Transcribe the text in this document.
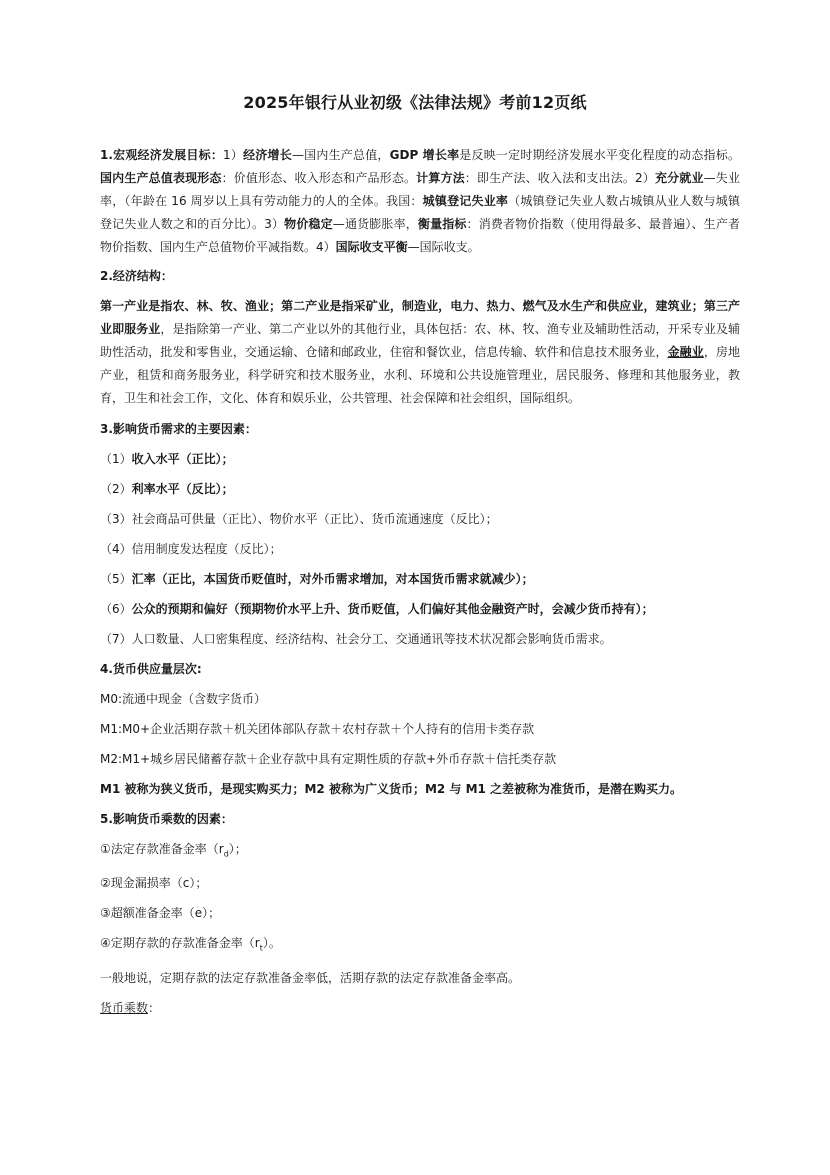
2025年银行从业初级《法律法规》考前12页纸

1.宏观经济发展目标：1）经济增长—国内生产总值，GDP 增长率是反映一定时期经济发展水平变化程度的动态指标。国内生产总值表现形态：价值形态、收入形态和产品形态。计算方法：即生产法、收入法和支出法。2）充分就业—失业率，（年龄在 16 周岁以上具有劳动能力的人的全体。我国：城镇登记失业率（城镇登记失业人数占城镇从业人数与城镇登记失业人数之和的百分比）。3）物价稳定—通货膨胀率，衡量指标：消费者物价指数（使用得最多、最普遍）、生产者物价指数、国内生产总值物价平减指数。4）国际收支平衡—国际收支。

2.经济结构：

第一产业是指农、林、牧、渔业；第二产业是指采矿业，制造业，电力、热力、燃气及水生产和供应业，建筑业；第三产业即服务业，是指除第一产业、第二产业以外的其他行业，具体包括：农、林、牧、渔专业及辅助性活动，开采专业及辅助性活动，批发和零售业，交通运输、仓储和邮政业，住宿和餐饮业，信息传输、软件和信息技术服务业，金融业，房地产业，租赁和商务服务业，科学研究和技术服务业，水利、环境和公共设施管理业，居民服务、修理和其他服务业，教育，卫生和社会工作，文化、体育和娱乐业，公共管理、社会保障和社会组织，国际组织。

3.影响货币需求的主要因素：
（1）收入水平（正比）；
（2）利率水平（反比）；
（3）社会商品可供量（正比）、物价水平（正比）、货币流通速度（反比）；
（4）信用制度发达程度（反比）；
（5）汇率（正比，本国货币贬值时，对外币需求增加，对本国货币需求就减少）；
（6）公众的预期和偏好（预期物价水平上升、货币贬值，人们偏好其他金融资产时，会减少货币持有）；
（7）人口数量、人口密集程度、经济结构、社会分工、交通通讯等技术状况都会影响货币需求。
4.货币供应量层次:
M0:流通中现金（含数字货币）
M1:M0+企业活期存款＋机关团体部队存款＋农村存款＋个人持有的信用卡类存款
M2:M1+城乡居民储蓄存款＋企业存款中具有定期性质的存款+外币存款＋信托类存款
M1 被称为狭义货币，是现实购买力；M2 被称为广义货币；M2 与 M1 之差被称为准货币，是潜在购买力。
5.影响货币乘数的因素：
①法定存款准备金率$(r_d)$；
②现金漏损率（c）；
③超额准备金率（e）；
④定期存款的存款准备金率$(r_t)$。
一般地说，定期存款的法定存款准备金率低，活期存款的法定存款准备金率高。
货币乘数：
